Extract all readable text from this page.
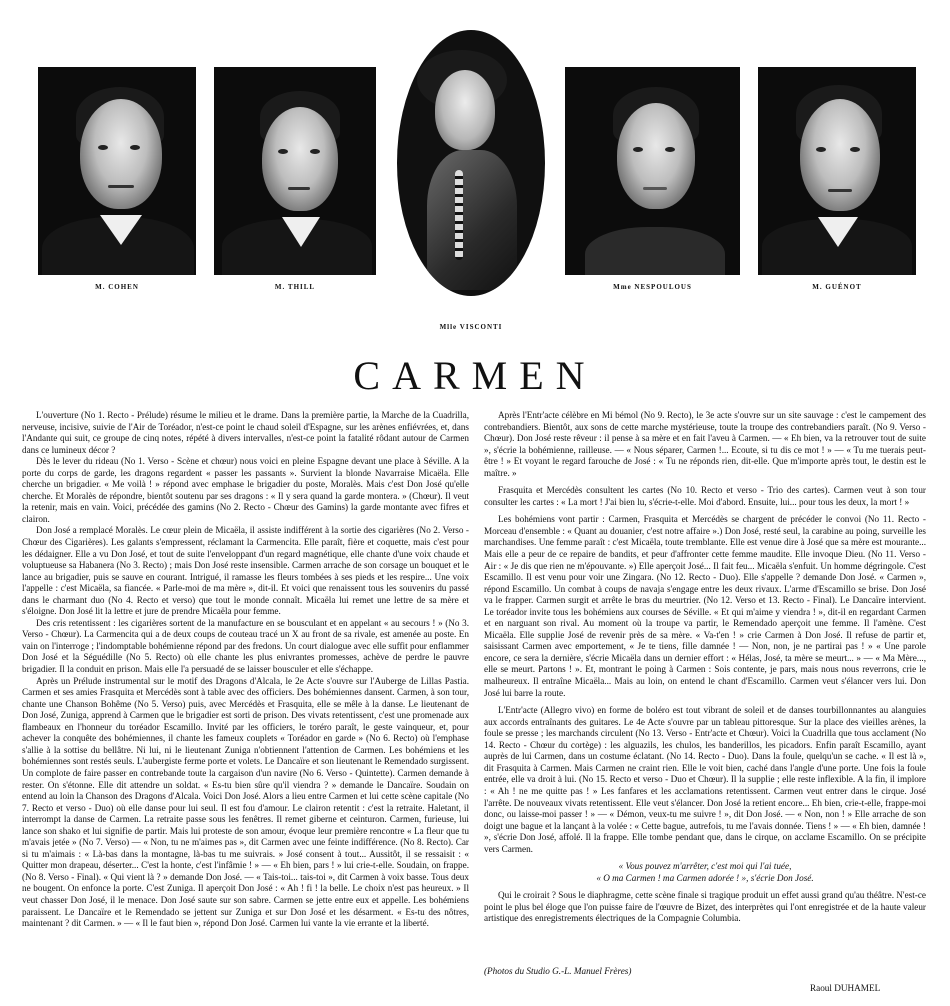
M. COHEN	M. THILL
Mlle VISCONTI
Mme NESPOULOUS	M. GUÉNOT
CARMEN

L'ouverture (No 1. Recto - Prélude) résume le milieu et le drame. Dans la première partie, la Marche de la Cuadrilla, nerveuse, incisive, suivie de l'Air de Toréador, n'est-ce point le chaud soleil d'Espagne, sur les arènes enfiévrées, et, dans l'Andante qui suit, ce groupe de cinq notes, répété à divers intervalles, n'est-ce point la fatalité rôdant autour de Carmen dans ce lumineux décor ?

Dès le lever du rideau (No 1. Verso - Scène et chœur) nous voici en pleine Espagne devant une place à Séville. A la porte du corps de garde, les dragons regardent « passer les passants ». Survient la blonde Navarraise Micaëla. Elle cherche un brigadier. « Me voilà ! » répond avec emphase le brigadier du poste, Moralès. Mais c'est Don José qu'elle cherche. Et Moralès de répondre, bientôt soutenu par ses dragons : « Il y sera quand la garde montera. » (Chœur). Il veut la retenir, mais en vain. Voici, précédée des gamins (No 2. Recto - Chœur des Gamins) la garde montante avec fifres et clairon.

Don José a remplacé Moralès. Le cœur plein de Micaëla, il assiste indifférent à la sortie des cigarières (No 2. Verso - Chœur des Cigarières). Les galants s'empressent, réclamant la Carmencita. Elle paraît, fière et coquette, mais c'est pour les dédaigner. Elle a vu Don José, et tout de suite l'enveloppant d'un regard magnétique, elle chante d'une voix chaude et voluptueuse sa Habanera (No 3. Recto) ; mais Don José reste insensible. Carmen arrache de son corsage un bouquet et le lance au brigadier, puis se sauve en courant. Intrigué, il ramasse les fleurs tombées à ses pieds et les respire... Une voix l'appelle : c'est Micaëla, sa fiancée. « Parle-moi de ma mère », dit-il. Et voici que renaissent tous les souvenirs du passé dans le charmant duo (No 4. Recto et verso) que tout le monde connaît. Micaëla lui remet une lettre de sa mère et s'éloigne. Don José lit la lettre et jure de prendre Micaëla pour femme.

Des cris retentissent : les cigarières sortent de la manufacture en se bousculant et en appelant « au secours ! » (No 3. Verso - Chœur). La Carmencita qui a de deux coups de couteau tracé un X au front de sa rivale, est amenée au poste. En vain on l'interroge ; l'indomptable bohémienne répond par des fredons. Un court dialogue avec elle suffit pour enflammer Don José et la Séguédille (No 5. Recto) où elle chante les plus enivrantes promesses, achève de perdre le pauvre brigadier. Il la conduit en prison. Mais elle l'a persuadé de se laisser bousculer et elle s'échappe.

Après un Prélude instrumental sur le motif des Dragons d'Alcala, le 2e Acte s'ouvre sur l'Auberge de Lillas Pastia. Carmen et ses amies Frasquita et Mercédès sont à table avec des officiers. Des bohémiennes dansent. Carmen, à son tour, chante une Chanson Bohême (No 5. Verso) puis, avec Mercédès et Frasquita, elle se mêle à la danse. Le lieutenant de Don José, Zuniga, apprend à Carmen que le brigadier est sorti de prison. Des vivats retentissent, c'est une promenade aux flambeaux en l'honneur du toréador Escamillo. Invité par les officiers, le toréro paraît, le geste vainqueur, et, pour achever la conquête des bohémiennes, il chante les fameux couplets « Toréador en garde » (No 6. Recto) où l'emphase s'allie à la sottise du bellâtre. Ni lui, ni le lieutenant Zuniga n'obtiennent l'attention de Carmen. Les bohémiens et les bohémiennes sont restés seuls. L'aubergiste ferme porte et volets. Le Dancaïre et son lieutenant le Remendado surgissent. Un complote de faire passer en contrebande toute la cargaison d'un navire (No 6. Verso - Quintette). Carmen demande à rester. On s'étonne. Elle dit attendre un soldat. « Es-tu bien sûre qu'il viendra ? » demande le Dancaïre. Soudain on entend au loin la Chanson des Dragons d'Alcala. Voici Don José. Alors a lieu entre Carmen et lui cette scène capitale (No 7. Recto et verso - Duo) où elle danse pour lui seul. Il est fou d'amour. Le clairon retentit : c'est la retraite. Haletant, il interrompt la danse de Carmen. La retraite passe sous les fenêtres. Il remet giberne et ceinturon. Carmen, furieuse, lui lance son shako et lui signifie de partir. Mais lui proteste de son amour, évoque leur première rencontre « La fleur que tu m'avais jetée » (No 7. Verso) — « Non, tu ne m'aimes pas », dit Carmen avec une feinte indifférence. (No 8. Recto). Car si tu m'aimais : « Là-bas dans la montagne, là-bas tu me suivrais. » José consent à tout... Aussitôt, il se ressaisit : « Quitter mon drapeau, déserter... C'est la honte, c'est l'infâmie ! » — « Eh bien, pars ! » lui crie-t-elle. Soudain, on frappe. (No 8. Verso - Final). « Qui vient là ? » demande Don José. — « Tais-toi... tais-toi », dit Carmen à voix basse. Tous deux ne bougent. On enfonce la porte. C'est Zuniga. Il aperçoit Don José : « Ah ! fi ! la belle. Le choix n'est pas heureux. » Il veut chasser Don José, il le menace. Don José saute sur son sabre. Carmen se jette entre eux et appelle. Les bohémiens paraissent. Le Dancaïre et le Remendado se jettent sur Zuniga et sur Don José et les désarment. « Es-tu des nôtres, maintenant ? dit Carmen. » — « Il le faut bien », répond Don José. Carmen lui vante la vie errante et la liberté.

Après l'Entr'acte célèbre en Mi bémol (No 9. Recto), le 3e acte s'ouvre sur un site sauvage : c'est le campement des contrebandiers. Bientôt, aux sons de cette marche mystérieuse, toute la troupe des contrebandiers paraît. (No 9. Verso - Chœur). Don José reste rêveur : il pense à sa mère et en fait l'aveu à Carmen. — « Eh bien, va la retrouver tout de suite », s'écrie la bohémienne, railleuse. — « Nous séparer, Carmen !... Ecoute, si tu dis ce mot ! » — « Tu me tuerais peut-être ! » Et voyant le regard farouche de José : « Tu ne réponds rien, dit-elle. Que m'importe après tout, le destin est le maître. »

Frasquita et Mercédès consultent les cartes (No 10. Recto et verso - Trio des cartes). Carmen veut à son tour consulter les cartes : « La mort ! J'ai bien lu, s'écrie-t-elle. Moi d'abord. Ensuite, lui... pour tous les deux, la mort ! »

Les bohémiens vont partir : Carmen, Frasquita et Mercédès se chargent de précéder le convoi (No 11. Recto - Morceau d'ensemble : « Quant au douanier, c'est notre affaire ».) Don José, resté seul, la carabine au poing, surveille les marchandises. Une femme paraît : c'est Micaëla, toute tremblante. Elle est venue dire à José que sa mère est mourante... Mais elle a peur de ce repaire de bandits, et peur d'affronter cette femme maudite. Elle invoque Dieu. (No 11. Verso - Air : « Je dis que rien ne m'épouvante. ») Elle aperçoit José... Il fait feu... Micaëla s'enfuit. Un homme dégringole. C'est Escamillo. Il est venu pour voir une Zingara. (No 12. Recto - Duo). Elle s'appelle ? demande Don José. « Carmen », répond Escamillo. Un combat à coups de navaja s'engage entre les deux rivaux. L'arme d'Escamillo se brise. Don José va le frapper. Carmen surgit et arrête le bras du meurtrier. (No 12. Verso et 13. Recto - Final). Le Dancaïre intervient. Le toréador invite tous les bohémiens aux courses de Séville. « Et qui m'aime y viendra ! », dit-il en regardant Carmen et en narguant son rival. Au moment où la troupe va partir, le Remendado aperçoit une femme. Il l'amène. C'est Micaëla. Elle supplie José de revenir près de sa mère. « Va-t'en ! » crie Carmen à Don José. Il refuse de partir et, saisissant Carmen avec emportement, « Je te tiens, fille damnée ! — Non, non, je ne partirai pas ! » « Une parole encore, ce sera la dernière, s'écrie Micaëla dans un dernier effort : « Hélas, José, ta mère se meurt... » — « Ma Mère..., elle se meurt. Partons ! ». Et, montrant le poing à Carmen : Sois contente, je pars, mais nous nous reverrons, crie le malheureux. Il entraîne Micaëla... Mais au loin, on entend le chant d'Escamillo. Carmen veut s'élancer vers lui. Don José lui barre la route.

L'Entr'acte (Allegro vivo) en forme de boléro est tout vibrant de soleil et de danses tourbillonnantes au alanguies aux accords entraînants des guitares. Le 4e Acte s'ouvre par un tableau pittoresque. Sur la place des vieilles arènes, la foule se presse ; les marchands circulent (No 13. Verso - Entr'acte et Chœur). Voici la Cuadrilla que tous acclament (No 14. Recto - Chœur du cortège) : les alguazils, les chulos, les banderillos, les picadors. Enfin paraît Escamillo, ayant auprès de lui Carmen, dans un costume éclatant. (No 14. Recto - Duo). Dans la foule, quelqu'un se cache. « Il est là », dit Frasquita à Carmen. Mais Carmen ne craint rien. Elle le voit bien, caché dans l'angle d'une porte. Une fois la foule entrée, elle va droit à lui. (No 15. Recto et verso - Duo et Chœur). Il la supplie ; elle reste inflexible. A la fin, il implore : « Ah ! ne me quitte pas ! » Les fanfares et les acclamations retentissent. Carmen veut entrer dans le cirque. José l'arrête. De nouveaux vivats retentissent. Elle veut s'élancer. Don José la retient encore... Eh bien, crie-t-elle, frappe-moi donc, ou laisse-moi passer ! » — « Démon, veux-tu me suivre ! », dit Don José. — « Non, non ! » Elle arrache de son doigt une bague et la lançant à la volée : « Cette bague, autrefois, tu me l'avais donnée. Tiens ! » — « Eh bien, damnée ! », s'écrie Don José, affolé. Il la frappe. Elle tombe pendant que, dans le cirque, on acclame Escamillo. On se précipite vers Carmen.

« Vous pouvez m'arrêter, c'est moi qui l'ai tuée,

« O ma Carmen ! ma Carmen adorée ! », s'écrie Don José.

Qui le croirait ? Sous le diaphragme, cette scène finale si tragique produit un effet aussi grand qu'au théâtre. N'est-ce point le plus bel éloge que l'on puisse faire de l'œuvre de Bizet, des interprètes qui l'ont enregistrée et de la haute valeur artistique des enregistrements électriques de la Compagnie Columbia.

(Photos du Studio G.-L. Manuel Frères)
Raoul DUHAMEL
